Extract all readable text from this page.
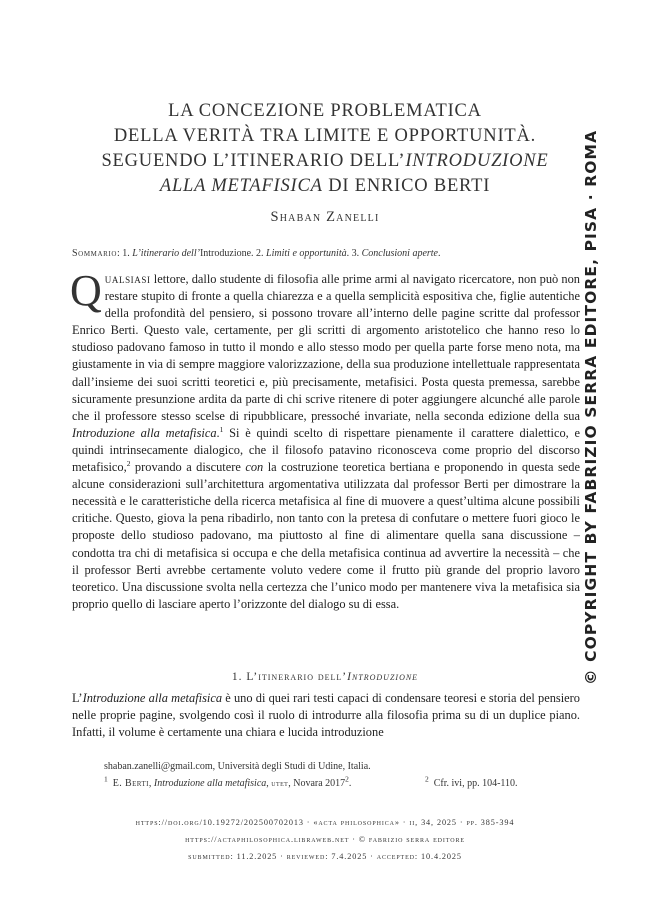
LA CONCEZIONE PROBLEMATICA
DELLA VERITÀ TRA LIMITE E OPPORTUNITÀ.
SEGUENDO L’ITINERARIO DELL’INTRODUZIONE
ALLA METAFISICA DI ENRICO BERTI
Shaban Zanelli
Sommario: 1. L’itinerario dell’Introduzione. 2. Limiti e opportunità. 3. Conclusioni aperte.

Qualsiasi lettore, dallo studente di filosofia alle prime armi al navigato ricercatore, non può non restare stupito di fronte a quella chiarezza e a quella semplicità espositiva che, figlie autentiche della profondità del pensiero, si possono trovare all’interno delle pagine scritte dal professor Enrico Berti. Questo vale, certamente, per gli scritti di argomento aristotelico che hanno reso lo studioso padovano famoso in tutto il mondo e allo stesso modo per quella parte forse meno nota, ma giustamente in via di sempre maggiore valorizzazione, della sua produzione intellettuale rappresentata dall’insieme dei suoi scritti teoretici e, più precisamente, metafisici. Posta questa premessa, sarebbe sicuramente presunzione ardita da parte di chi scrive ritenere di poter aggiungere alcunché alle parole che il professore stesso scelse di ripubblicare, pressoché invariate, nella seconda edizione della sua Introduzione alla metafisica.$^1$ Si è quindi scelto di rispettare pienamente il carattere dialettico, e quindi intrinsecamente dialogico, che il filosofo patavino riconosceva come proprio del discorso metafisico,$^2$ provando a discutere con la costruzione teoretica bertiana e proponendo in questa sede alcune considerazioni sull’architettura argomentativa utilizzata dal professor Berti per dimostrare la necessità e le caratteristiche della ricerca metafisica al fine di muovere a quest’ultima alcune possibili critiche. Questo, giova la pena ribadirlo, non tanto con la pretesa di confutare o mettere fuori gioco le proposte dello studioso padovano, ma piuttosto al fine di alimentare quella sana discussione – condotta tra chi di metafisica si occupa e che della metafisica continua ad avvertire la necessità – che il professor Berti avrebbe certamente voluto vedere come il frutto più grande del proprio lavoro teoretico. Una discussione svolta nella certezza che l’unico modo per mantenere viva la metafisica sia proprio quello di lasciare aperto l’orizzonte del dialogo su di essa.

1. L’itinerario dell’Introduzione
L’Introduzione alla metafisica è uno di quei rari testi capaci di condensare teoresi e storia del pensiero nelle proprie pagine, svolgendo così il ruolo di introdurre alla filosofia prima su di un duplice piano. Infatti, il volume è certamente una chiara e lucida introduzione
shaban.zanelli@gmail.com, Università degli Studi di Udine, Italia.
$^1$ E. Berti, Introduzione alla metafisica, utet, Novara 2017$^2$.	$^2$ Cfr. ivi, pp. 104-110.
https://doi.org/10.19272/202500702013 · «acta philosophica» · ii, 34, 2025 · pp. 385-394
https://actaphilosophica.libraweb.net · © fabrizio serra editore
submitted: 11.2.2025 · reviewed: 7.4.2025 · accepted: 10.4.2025
© COPYRIGHT BY FABRIZIO SERRA EDITORE, PISA · ROMA
